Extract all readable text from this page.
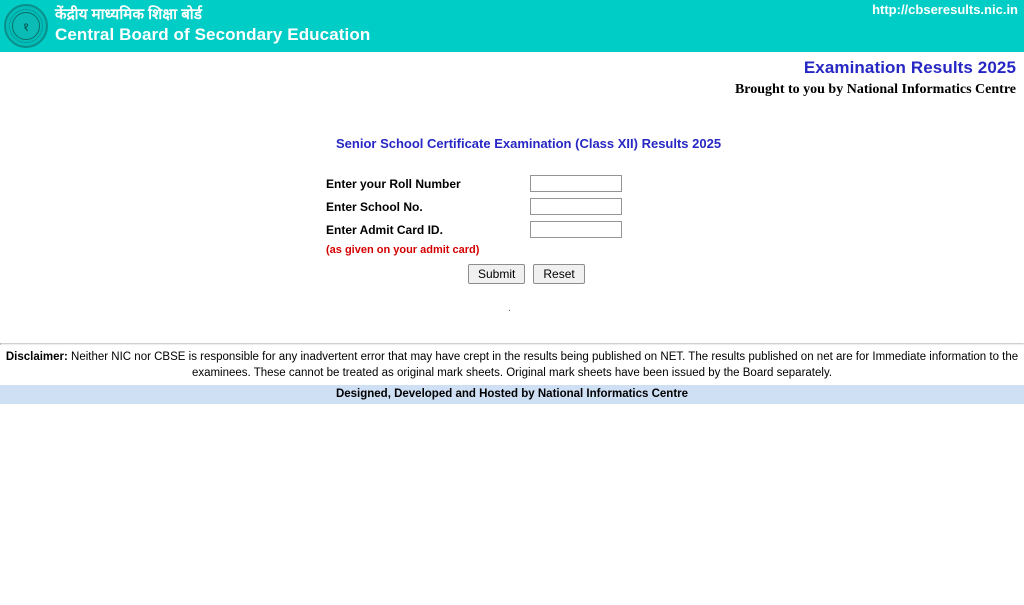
१
केंद्रीय माध्यमिक शिक्षा बोर्ड
Central Board of Secondary Education
http://cbseresults.nic.in
Examination Results 2025
Brought to you by National Informatics Centre
Senior School Certificate Examination (Class XII) Results 2025
Enter your Roll Number
Enter School No.
Enter Admit Card ID.
(as given on your admit card)
Submit	Reset
.
Disclaimer: Neither NIC nor CBSE is responsible for any inadvertent error that may have crept in the results being published on NET. The results published on net are for Immediate information to the examinees. These cannot be treated as original mark sheets. Original mark sheets have been issued by the Board separately.
Designed, Developed and Hosted by National Informatics Centre
